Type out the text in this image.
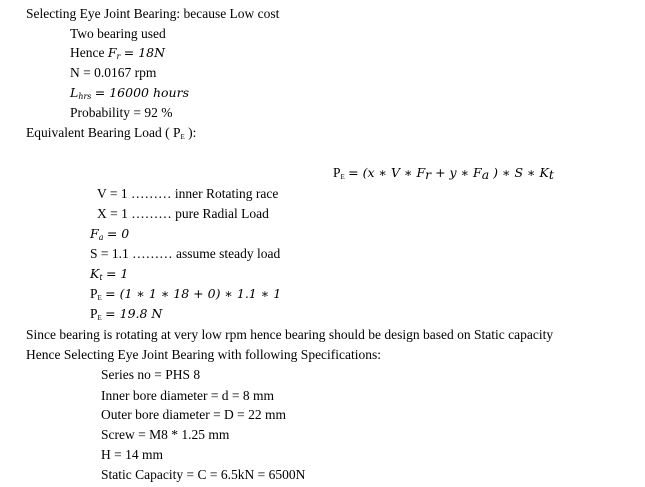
Selecting Eye Joint Bearing: because Low cost
Two bearing used
Hence $F_r = 18N$
N = 0.0167 rpm
$L_{hrs} = 16000$ hours
Probability = 92 %
Equivalent Bearing Load ( PE ):
PE = (x ∗ V ∗ $F_r + y$ ∗ $F_a$ ) ∗ S ∗ $K_t$
V = 1 ……… inner Rotating race
X = 1 ……… pure Radial Load
$F_a = 0$
S = 1.1 ……… assume steady load
$K_t = 1$
PE = (1 ∗ 1 ∗ 18 + 0) ∗ 1.1 ∗ 1
PE = 19.8 N
Since bearing is rotating at very low rpm hence bearing should be design based on Static capacity
Hence Selecting Eye Joint Bearing with following Specifications:
Series no = PHS 8
Inner bore diameter = d = 8 mm
Outer bore diameter = D = 22 mm
Screw = M8 * 1.25 mm
H = 14 mm
Static Capacity = C = 6.5kN = 6500N
